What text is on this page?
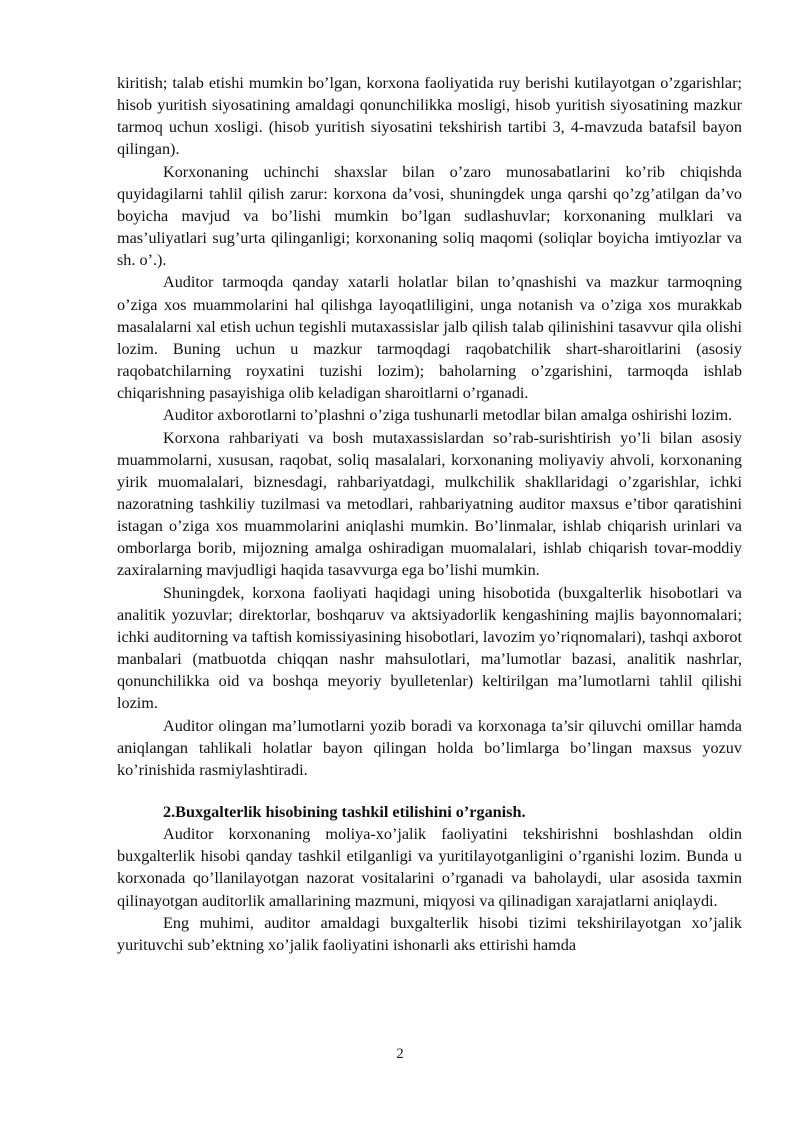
kiritish; talab etishi mumkin bo’lgan, korxona faoliyatida ruy berishi kutilayotgan o’zgarishlar; hisob yuritish siyosatining amaldagi qonunchilikka mosligi, hisob yuritish siyosatining mazkur tarmoq uchun xosligi. (hisob yuritish siyosatini tekshirish tartibi 3, 4-mavzuda batafsil bayon qilingan).

Korxonaning uchinchi shaxslar bilan o’zaro munosabatlarini ko’rib chiqishda quyidagilarni tahlil qilish zarur: korxona da’vosi, shuningdek unga qarshi qo’zg’atilgan da’vo boyicha mavjud va bo’lishi mumkin bo’lgan sudlashuvlar; korxonaning mulklari va mas’uliyatlari sug’urta qilinganligi; korxonaning soliq maqomi (soliqlar boyicha imtiyozlar va sh. o’.).

Auditor tarmoqda qanday xatarli holatlar bilan to’qnashishi va mazkur tarmoqning o’ziga xos muammolarini hal qilishga layoqatliligini, unga notanish va o’ziga xos murakkab masalalarni xal etish uchun tegishli mutaxassislar jalb qilish talab qilinishini tasavvur qila olishi lozim. Buning uchun u mazkur tarmoqdagi raqobatchilik shart-sharoitlarini (asosiy raqobatchilarning royxatini tuzishi lozim); baholarning o’zgarishini, tarmoqda ishlab chiqarishning pasayishiga olib keladigan sharoitlarni o’rganadi.

Auditor axborotlarni to’plashni o’ziga tushunarli metodlar bilan amalga oshirishi lozim.

Korxona rahbariyati va bosh mutaxassislardan so’rab-surishtirish yo’li bilan asosiy muammolarni, xususan, raqobat, soliq masalalari, korxonaning moliyaviy ahvoli, korxonaning yirik muomalalari, biznesdagi, rahbariyatdagi, mulkchilik shakllaridagi o’zgarishlar, ichki nazoratning tashkiliy tuzilmasi va metodlari, rahbariyatning auditor maxsus e’tibor qaratishini istagan o’ziga xos muammolarini aniqlashi mumkin. Bo’linmalar, ishlab chiqarish urinlari va omborlarga borib, mijozning amalga oshiradigan muomalalari, ishlab chiqarish tovar-moddiy zaxiralarning mavjudligi haqida tasavvurga ega bo’lishi mumkin.

Shuningdek, korxona faoliyati haqidagi uning hisobotida (buxgalterlik hisobotlari va analitik yozuvlar; direktorlar, boshqaruv va aktsiyadorlik kengashining majlis bayonnomalari; ichki auditorning va taftish komissiyasining hisobotlari, lavozim yo’riqnomalari), tashqi axborot manbalari (matbuotda chiqqan nashr mahsulotlari, ma’lumotlar bazasi, analitik nashrlar, qonunchilikka oid va boshqa meyoriy byulletenlar) keltirilgan ma’lumotlarni tahlil qilishi lozim.

Auditor olingan ma’lumotlarni yozib boradi va korxonaga ta’sir qiluvchi omillar hamda aniqlangan tahlikali holatlar bayon qilingan holda bo’limlarga bo’lingan maxsus yozuv ko’rinishida rasmiylashtiradi.

2.Buxgalterlik hisobining tashkil etilishini o’rganish.

Auditor korxonaning moliya-xo’jalik faoliyatini tekshirishni boshlashdan oldin buxgalterlik hisobi qanday tashkil etilganligi va yuritilayotganligini o’rganishi lozim. Bunda u korxonada qo’llanilayotgan nazorat vositalarini o’rganadi va baholaydi, ular asosida taxmin qilinayotgan auditorlik amallarining mazmuni, miqyosi va qilinadigan xarajatlarni aniqlaydi.

Eng muhimi, auditor amaldagi buxgalterlik hisobi tizimi tekshirilayotgan xo’jalik yurituvchi sub’ektning xo’jalik faoliyatini ishonarli aks ettirishi hamda

2
